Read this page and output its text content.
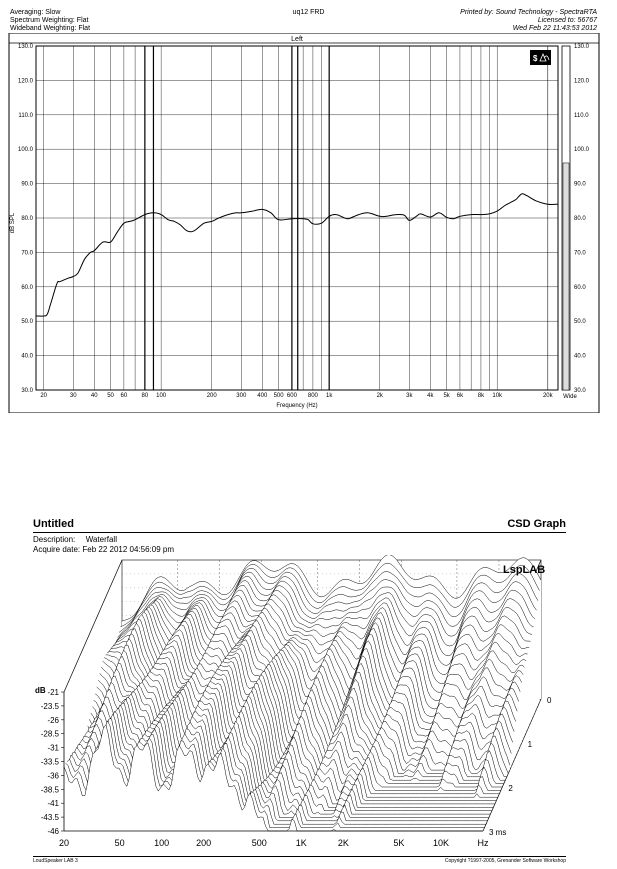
Averaging: Slow
Spectrum Weighting: Flat
Wideband Weighting: Flat
uq12 FRD	Printed by: Sound Technology - SpectraRTA
Licensed to: 56767
Wed Feb 22 11:43:53 2012
Left
30.0	30.0
40.0	40.0
50.0	50.0
60.0	60.0
70.0	70.0
80.0	80.0
90.0	90.0
100.0	100.0
110.0	110.0
120.0	120.0
130.0	130.0
20	30 40 50 60 80 100	200	300 400 500 600 800 1k	2k	3k 4k 5k 6k 8k 10k	20k
dB SPL
Frequency (Hz)
Wide
$
Untitled	CSD Graph
Description: Waterfall
Acquire date: Feb 22 2012 04:56:09 pm
-21
-23.5
-26
-28.5
-31
-33.5
-36
-38.5
-41
-43.5
-46
20	50	100	200	500	1K	2K	5K	10K	Hz
0
1
2
3 ms
LspLAB
dB
LoudSpeaker LAB 3	Copyright ?1997-2005, Grenander Software Workshop
